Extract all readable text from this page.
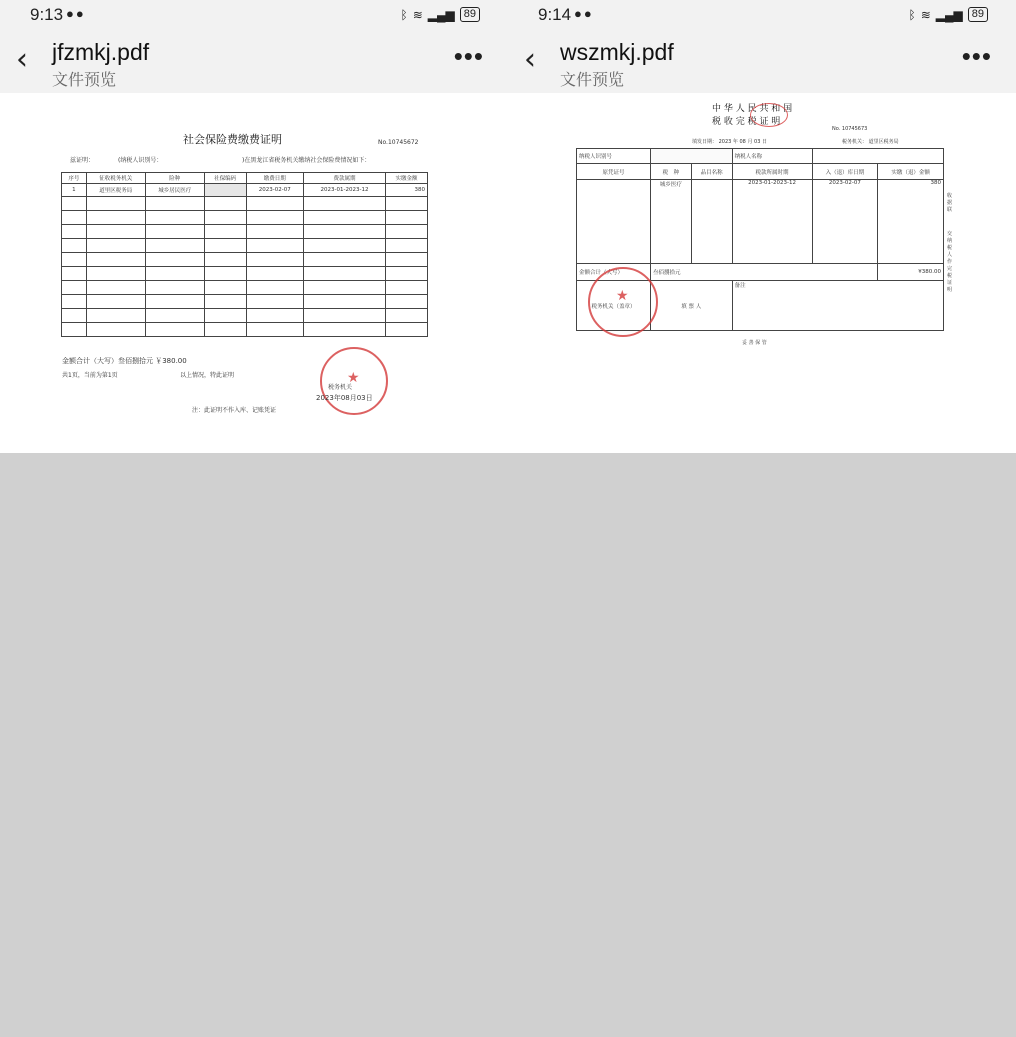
9:13 ●●	ᛒ ≋ ▂▄▆ 89
‹ jfzmkj.pdf
文件预览
•••
社会保险费缴费证明	No.10745672
兹证明：	(纳税人识别号：	)在黑龙江省税务机关缴纳社会保险费情况如下：
序号	征收税务机关	险种	社保编码	缴费日期	费款属期	实缴金额
1	道里区税务局	城乡居民医疗		2023-02-07	2023-01-2023-12	380

金额合计（大写）叁佰捌拾元 ￥380.00
共1页，当前为第1页	以上情况，特此证明	★
税务机关
2023年08月03日
注：此证明不作入库、记账凭证
9:14 ●●	ᛒ ≋ ▂▄▆ 89
‹ wszmkj.pdf
文件预览
•••
中 华 人 民 共 和 国
税 收 完 税 证 明
No. 10745673
填发日期： 2023 年 08 月 03 日	税务机关： 道里区税务局
纳税人识别号			纳税人名称		
原凭证号	税　种	品目名称	税款所属时期	入（退）库日期	实缴（退）金额
	城乡医疗		2023-01-2023-12	2023-02-07	380
金额合计（大写）	叁佰捌拾元				¥380.00
税务机关（盖章）	填 票 人		备注		
★
收据联
交纳税人作完税证明
妥 善 保 管
